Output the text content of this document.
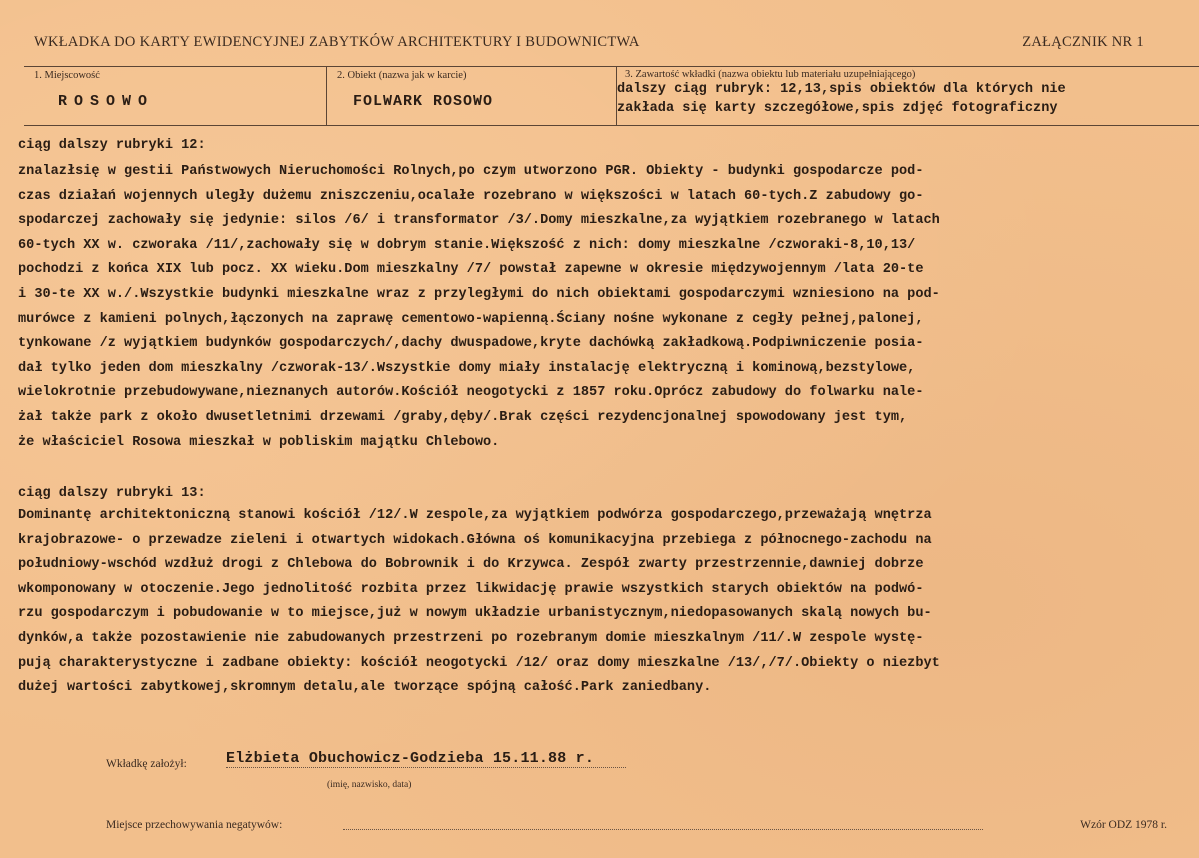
WKŁADKA DO KARTY EWIDENCYJNEJ ZABYTKÓW ARCHITEKTURY I BUDOWNICTWA	ZAŁĄCZNIK NR 1
1. Miejscowość
ROSOWO
2. Obiekt (nazwa jak w karcie)
FOLWARK ROSOWO
3. Zawartość wkładki (nazwa obiektu lub materiału uzupełniającego)
dalszy ciąg rubryk: 12,13,spis obiektów dla których nie
zakłada się karty szczegółowe,spis zdjęć fotograficzny
ciąg dalszy rubryki 12:
znalazłsię w gestii Państwowych Nieruchomości Rolnych,po czym utworzono PGR. Obiekty - budynki gospodarcze pod-
czas działań wojennych uległy dużemu zniszczeniu,ocalałe rozebrano w większości w latach 60-tych.Z zabudowy go-
spodarczej zachowały się jedynie: silos /6/ i transformator /3/.Domy mieszkalne,za wyjątkiem rozebranego w latach
60-tych XX w. czworaka /11/,zachowały się w dobrym stanie.Większość z nich: domy mieszkalne /czworaki-8,10,13/
pochodzi z końca XIX lub pocz. XX wieku.Dom mieszkalny /7/ powstał zapewne w okresie międzywojennym /lata 20-te
i 30-te XX w./.Wszystkie budynki mieszkalne wraz z przyległymi do nich obiektami gospodarczymi wzniesiono na pod-
murówce z kamieni polnych,łączonych na zaprawę cementowo-wapienną.Ściany nośne wykonane z cegły pełnej,palonej,
tynkowane /z wyjątkiem budynków gospodarczych/,dachy dwuspadowe,kryte dachówką zakładkową.Podpiwniczenie posia-
dał tylko jeden dom mieszkalny /czworak-13/.Wszystkie domy miały instalację elektryczną i kominową,bezstylowe,
wielokrotnie przebudowywane,nieznanych autorów.Kościół neogotycki z 1857 roku.Oprócz zabudowy do folwarku nale-
żał także park z około dwusetletnimi drzewami /graby,dęby/.Brak części rezydencjonalnej spowodowany jest tym,
że właściciel Rosowa mieszkał w pobliskim majątku Chlebowo.
ciąg dalszy rubryki 13:
Dominantę architektoniczną stanowi kościół /12/.W zespole,za wyjątkiem podwórza gospodarczego,przeważają wnętrza
krajobrazowe- o przewadze zieleni i otwartych widokach.Główna oś komunikacyjna przebiega z północnego-zachodu na
południowy-wschód wzdłuż drogi z Chlebowa do Bobrownik i do Krzywca. Zespół zwarty przestrzennie,dawniej dobrze
wkomponowany w otoczenie.Jego jednolitość rozbita przez likwidację prawie wszystkich starych obiektów na podwó-
rzu gospodarczym i pobudowanie w to miejsce,już w nowym układzie urbanistycznym,niedopasowanych skalą nowych bu-
dynków,a także pozostawienie nie zabudowanych przestrzeni po rozebranym domie mieszkalnym /11/.W zespole wystę-
pują charakterystyczne i zadbane obiekty: kościół neogotycki /12/ oraz domy mieszkalne /13/,/7/.Obiekty o niezbyt
dużej wartości zabytkowej,skromnym detalu,ale tworzące spójną całość.Park zaniedbany.
Wkładkę założył:	Elżbieta Obuchowicz-Godzieba 15.11.88 r.
(imię, nazwisko, data)
Miejsce przechowywania negatywów:	Wzór ODZ 1978 r.
